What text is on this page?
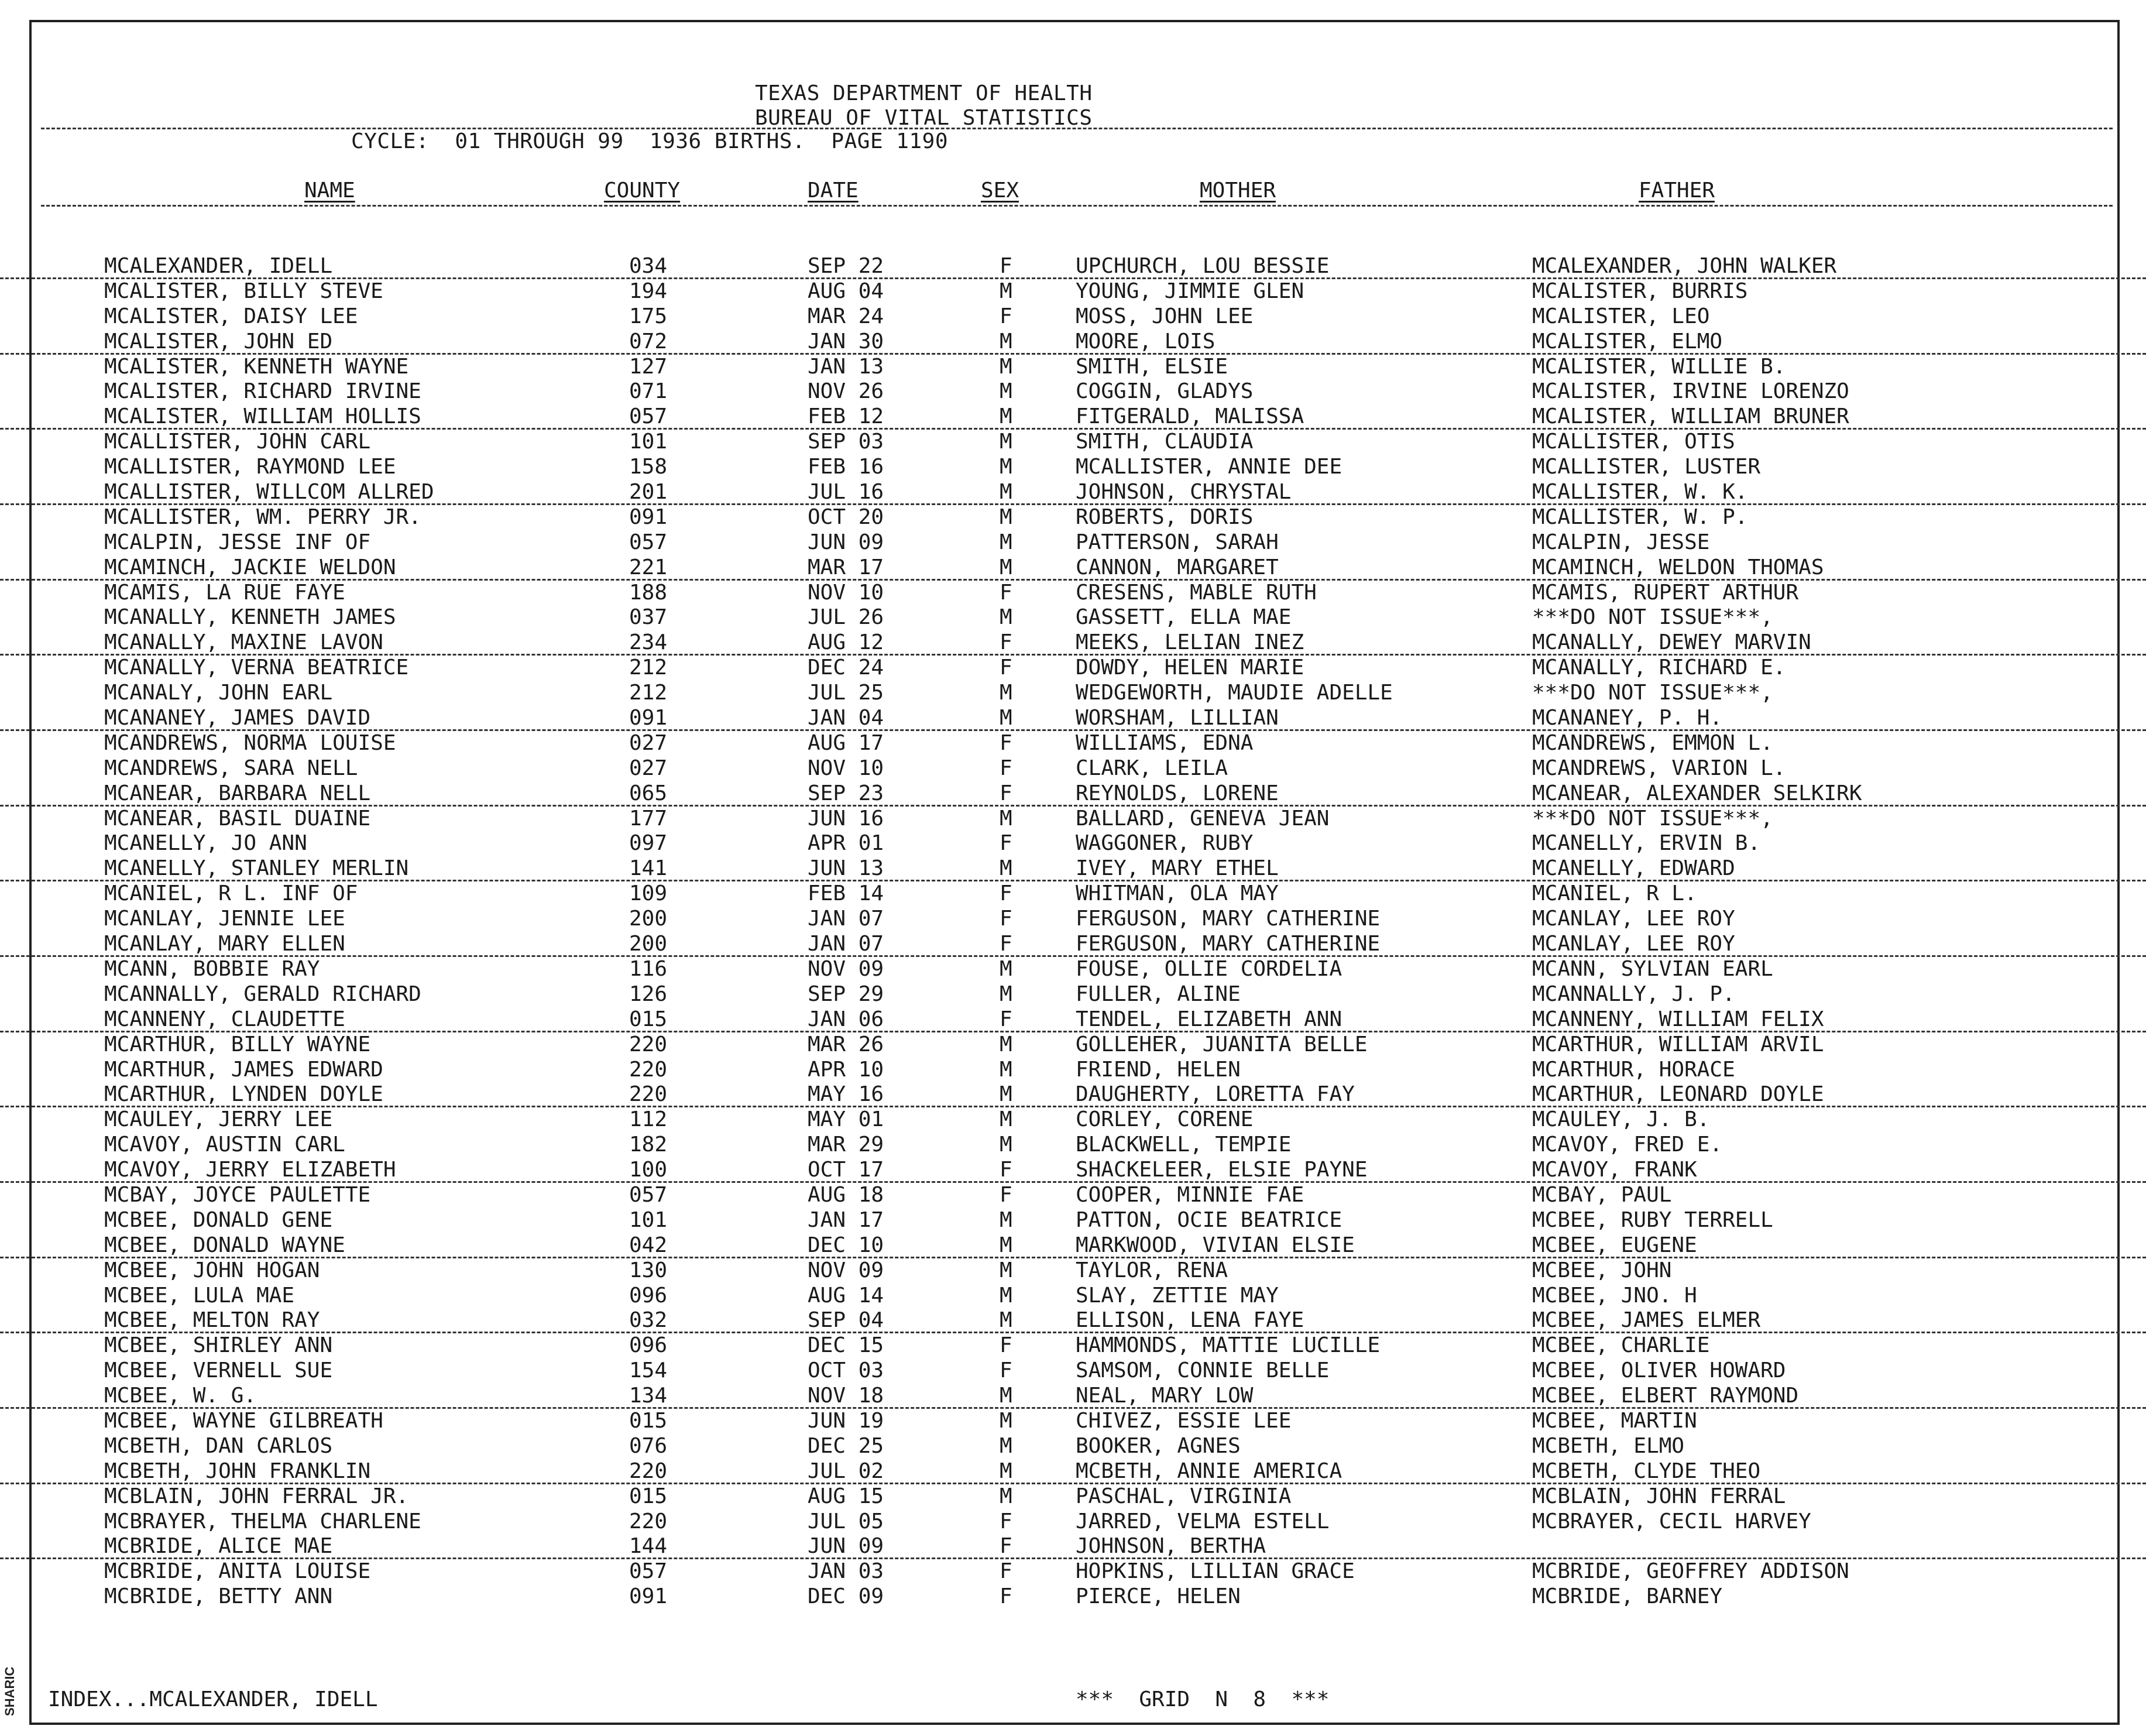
SHARIC
TEXAS DEPARTMENT OF HEALTH
BUREAU OF VITAL STATISTICS
CYCLE:  01 THROUGH 99  1936 BIRTHS.  PAGE 1190
NAME	COUNTY	DATE	SEX	MOTHER	FATHER
MCALEXANDER, IDELL	034	SEP 22	F	UPCHURCH, LOU BESSIE	MCALEXANDER, JOHN WALKER
MCALISTER, BILLY STEVE	194	AUG 04	M	YOUNG, JIMMIE GLEN	MCALISTER, BURRIS
MCALISTER, DAISY LEE	175	MAR 24	F	MOSS, JOHN LEE	MCALISTER, LEO
MCALISTER, JOHN ED	072	JAN 30	M	MOORE, LOIS	MCALISTER, ELMO
MCALISTER, KENNETH WAYNE	127	JAN 13	M	SMITH, ELSIE	MCALISTER, WILLIE B.
MCALISTER, RICHARD IRVINE	071	NOV 26	M	COGGIN, GLADYS	MCALISTER, IRVINE LORENZO
MCALISTER, WILLIAM HOLLIS	057	FEB 12	M	FITGERALD, MALISSA	MCALISTER, WILLIAM BRUNER
MCALLISTER, JOHN CARL	101	SEP 03	M	SMITH, CLAUDIA	MCALLISTER, OTIS
MCALLISTER, RAYMOND LEE	158	FEB 16	M	MCALLISTER, ANNIE DEE	MCALLISTER, LUSTER
MCALLISTER, WILLCOM ALLRED	201	JUL 16	M	JOHNSON, CHRYSTAL	MCALLISTER, W. K.
MCALLISTER, WM. PERRY JR.	091	OCT 20	M	ROBERTS, DORIS	MCALLISTER, W. P.
MCALPIN, JESSE INF OF	057	JUN 09	M	PATTERSON, SARAH	MCALPIN, JESSE
MCAMINCH, JACKIE WELDON	221	MAR 17	M	CANNON, MARGARET	MCAMINCH, WELDON THOMAS
MCAMIS, LA RUE FAYE	188	NOV 10	F	CRESENS, MABLE RUTH	MCAMIS, RUPERT ARTHUR
MCANALLY, KENNETH JAMES	037	JUL 26	M	GASSETT, ELLA MAE	***DO NOT ISSUE***,
MCANALLY, MAXINE LAVON	234	AUG 12	F	MEEKS, LELIAN INEZ	MCANALLY, DEWEY MARVIN
MCANALLY, VERNA BEATRICE	212	DEC 24	F	DOWDY, HELEN MARIE	MCANALLY, RICHARD E.
MCANALY, JOHN EARL	212	JUL 25	M	WEDGEWORTH, MAUDIE ADELLE	***DO NOT ISSUE***,
MCANANEY, JAMES DAVID	091	JAN 04	M	WORSHAM, LILLIAN	MCANANEY, P. H.
MCANDREWS, NORMA LOUISE	027	AUG 17	F	WILLIAMS, EDNA	MCANDREWS, EMMON L.
MCANDREWS, SARA NELL	027	NOV 10	F	CLARK, LEILA	MCANDREWS, VARION L.
MCANEAR, BARBARA NELL	065	SEP 23	F	REYNOLDS, LORENE	MCANEAR, ALEXANDER SELKIRK
MCANEAR, BASIL DUAINE	177	JUN 16	M	BALLARD, GENEVA JEAN	***DO NOT ISSUE***,
MCANELLY, JO ANN	097	APR 01	F	WAGGONER, RUBY	MCANELLY, ERVIN B.
MCANELLY, STANLEY MERLIN	141	JUN 13	M	IVEY, MARY ETHEL	MCANELLY, EDWARD
MCANIEL, R L. INF OF	109	FEB 14	F	WHITMAN, OLA MAY	MCANIEL, R L.
MCANLAY, JENNIE LEE	200	JAN 07	F	FERGUSON, MARY CATHERINE	MCANLAY, LEE ROY
MCANLAY, MARY ELLEN	200	JAN 07	F	FERGUSON, MARY CATHERINE	MCANLAY, LEE ROY
MCANN, BOBBIE RAY	116	NOV 09	M	FOUSE, OLLIE CORDELIA	MCANN, SYLVIAN EARL
MCANNALLY, GERALD RICHARD	126	SEP 29	M	FULLER, ALINE	MCANNALLY, J. P.
MCANNENY, CLAUDETTE	015	JAN 06	F	TENDEL, ELIZABETH ANN	MCANNENY, WILLIAM FELIX
MCARTHUR, BILLY WAYNE	220	MAR 26	M	GOLLEHER, JUANITA BELLE	MCARTHUR, WILLIAM ARVIL
MCARTHUR, JAMES EDWARD	220	APR 10	M	FRIEND, HELEN	MCARTHUR, HORACE
MCARTHUR, LYNDEN DOYLE	220	MAY 16	M	DAUGHERTY, LORETTA FAY	MCARTHUR, LEONARD DOYLE
MCAULEY, JERRY LEE	112	MAY 01	M	CORLEY, CORENE	MCAULEY, J. B.
MCAVOY, AUSTIN CARL	182	MAR 29	M	BLACKWELL, TEMPIE	MCAVOY, FRED E.
MCAVOY, JERRY ELIZABETH	100	OCT 17	F	SHACKELEER, ELSIE PAYNE	MCAVOY, FRANK
MCBAY, JOYCE PAULETTE	057	AUG 18	F	COOPER, MINNIE FAE	MCBAY, PAUL
MCBEE, DONALD GENE	101	JAN 17	M	PATTON, OCIE BEATRICE	MCBEE, RUBY TERRELL
MCBEE, DONALD WAYNE	042	DEC 10	M	MARKWOOD, VIVIAN ELSIE	MCBEE, EUGENE
MCBEE, JOHN HOGAN	130	NOV 09	M	TAYLOR, RENA	MCBEE, JOHN
MCBEE, LULA MAE	096	AUG 14	M	SLAY, ZETTIE MAY	MCBEE, JNO. H
MCBEE, MELTON RAY	032	SEP 04	M	ELLISON, LENA FAYE	MCBEE, JAMES ELMER
MCBEE, SHIRLEY ANN	096	DEC 15	F	HAMMONDS, MATTIE LUCILLE	MCBEE, CHARLIE
MCBEE, VERNELL SUE	154	OCT 03	F	SAMSOM, CONNIE BELLE	MCBEE, OLIVER HOWARD
MCBEE, W. G.	134	NOV 18	M	NEAL, MARY LOW	MCBEE, ELBERT RAYMOND
MCBEE, WAYNE GILBREATH	015	JUN 19	M	CHIVEZ, ESSIE LEE	MCBEE, MARTIN
MCBETH, DAN CARLOS	076	DEC 25	M	BOOKER, AGNES	MCBETH, ELMO
MCBETH, JOHN FRANKLIN	220	JUL 02	M	MCBETH, ANNIE AMERICA	MCBETH, CLYDE THEO
MCBLAIN, JOHN FERRAL JR.	015	AUG 15	M	PASCHAL, VIRGINIA	MCBLAIN, JOHN FERRAL
MCBRAYER, THELMA CHARLENE	220	JUL 05	F	JARRED, VELMA ESTELL	MCBRAYER, CECIL HARVEY
MCBRIDE, ALICE MAE	144	JUN 09	F	JOHNSON, BERTHA
MCBRIDE, ANITA LOUISE	057	JAN 03	F	HOPKINS, LILLIAN GRACE	MCBRIDE, GEOFFREY ADDISON
MCBRIDE, BETTY ANN	091	DEC 09	F	PIERCE, HELEN	MCBRIDE, BARNEY
INDEX...MCALEXANDER, IDELL	***  GRID  N  8  ***
